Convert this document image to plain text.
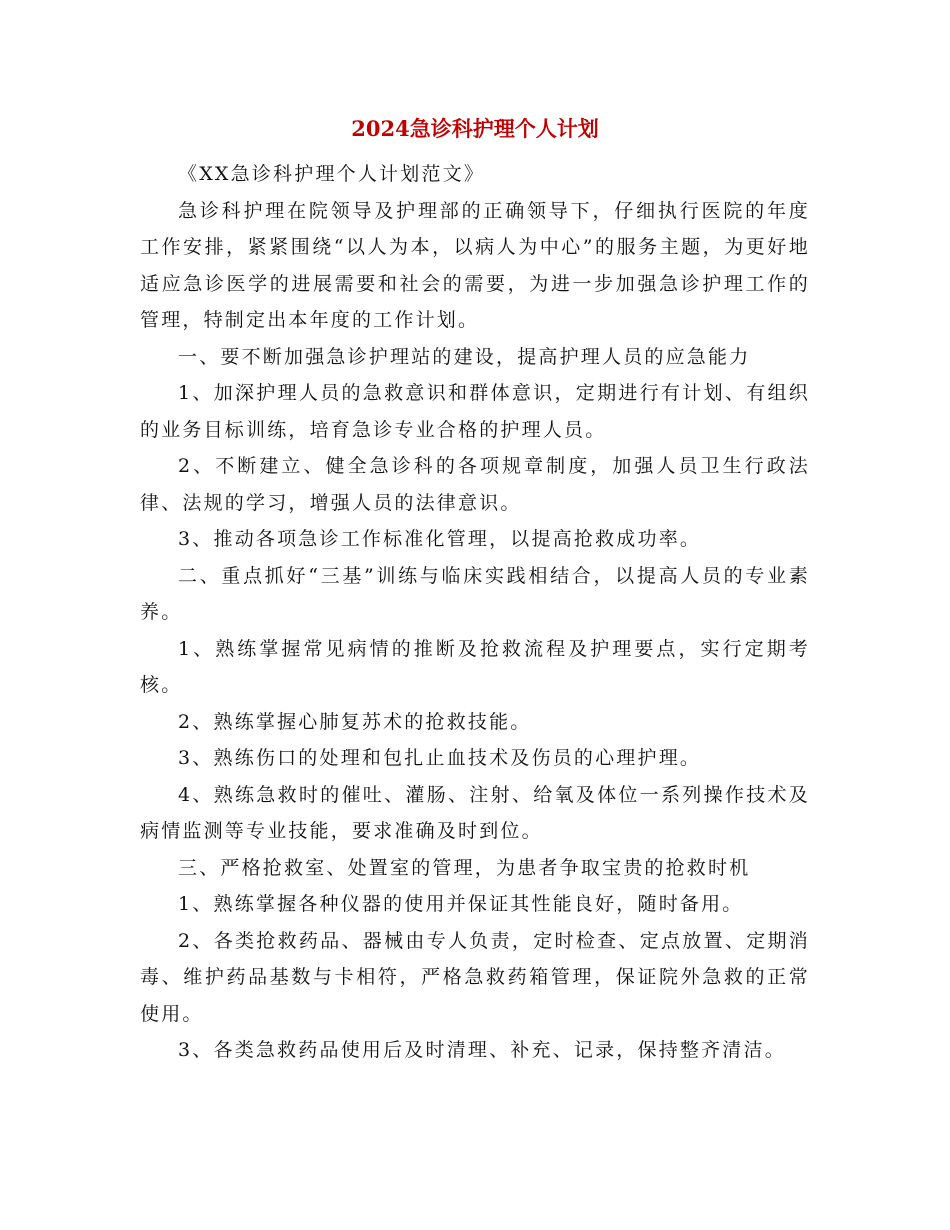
2024急诊科护理个人计划

《XX急诊科护理个人计划范文》

急诊科护理在院领导及护理部的正确领导下，仔细执行医院的年度工作安排，紧紧围绕“以人为本，以病人为中心”的服务主题，为更好地适应急诊医学的进展需要和社会的需要，为进一步加强急诊护理工作的管理，特制定出本年度的工作计划。

一、要不断加强急诊护理站的建设，提高护理人员的应急能力

1、加深护理人员的急救意识和群体意识，定期进行有计划、有组织的业务目标训练，培育急诊专业合格的护理人员。

2、不断建立、健全急诊科的各项规章制度，加强人员卫生行政法律、法规的学习，增强人员的法律意识。

3、推动各项急诊工作标准化管理，以提高抢救成功率。

二、重点抓好“三基”训练与临床实践相结合，以提高人员的专业素养。

1、熟练掌握常见病情的推断及抢救流程及护理要点，实行定期考核。

2、熟练掌握心肺复苏术的抢救技能。

3、熟练伤口的处理和包扎止血技术及伤员的心理护理。

4、熟练急救时的催吐、灌肠、注射、给氧及体位一系列操作技术及病情监测等专业技能，要求准确及时到位。

三、严格抢救室、处置室的管理，为患者争取宝贵的抢救时机

1、熟练掌握各种仪器的使用并保证其性能良好，随时备用。

2、各类抢救药品、器械由专人负责，定时检查、定点放置、定期消毒、维护药品基数与卡相符，严格急救药箱管理，保证院外急救的正常使用。

3、各类急救药品使用后及时清理、补充、记录，保持整齐清洁。
